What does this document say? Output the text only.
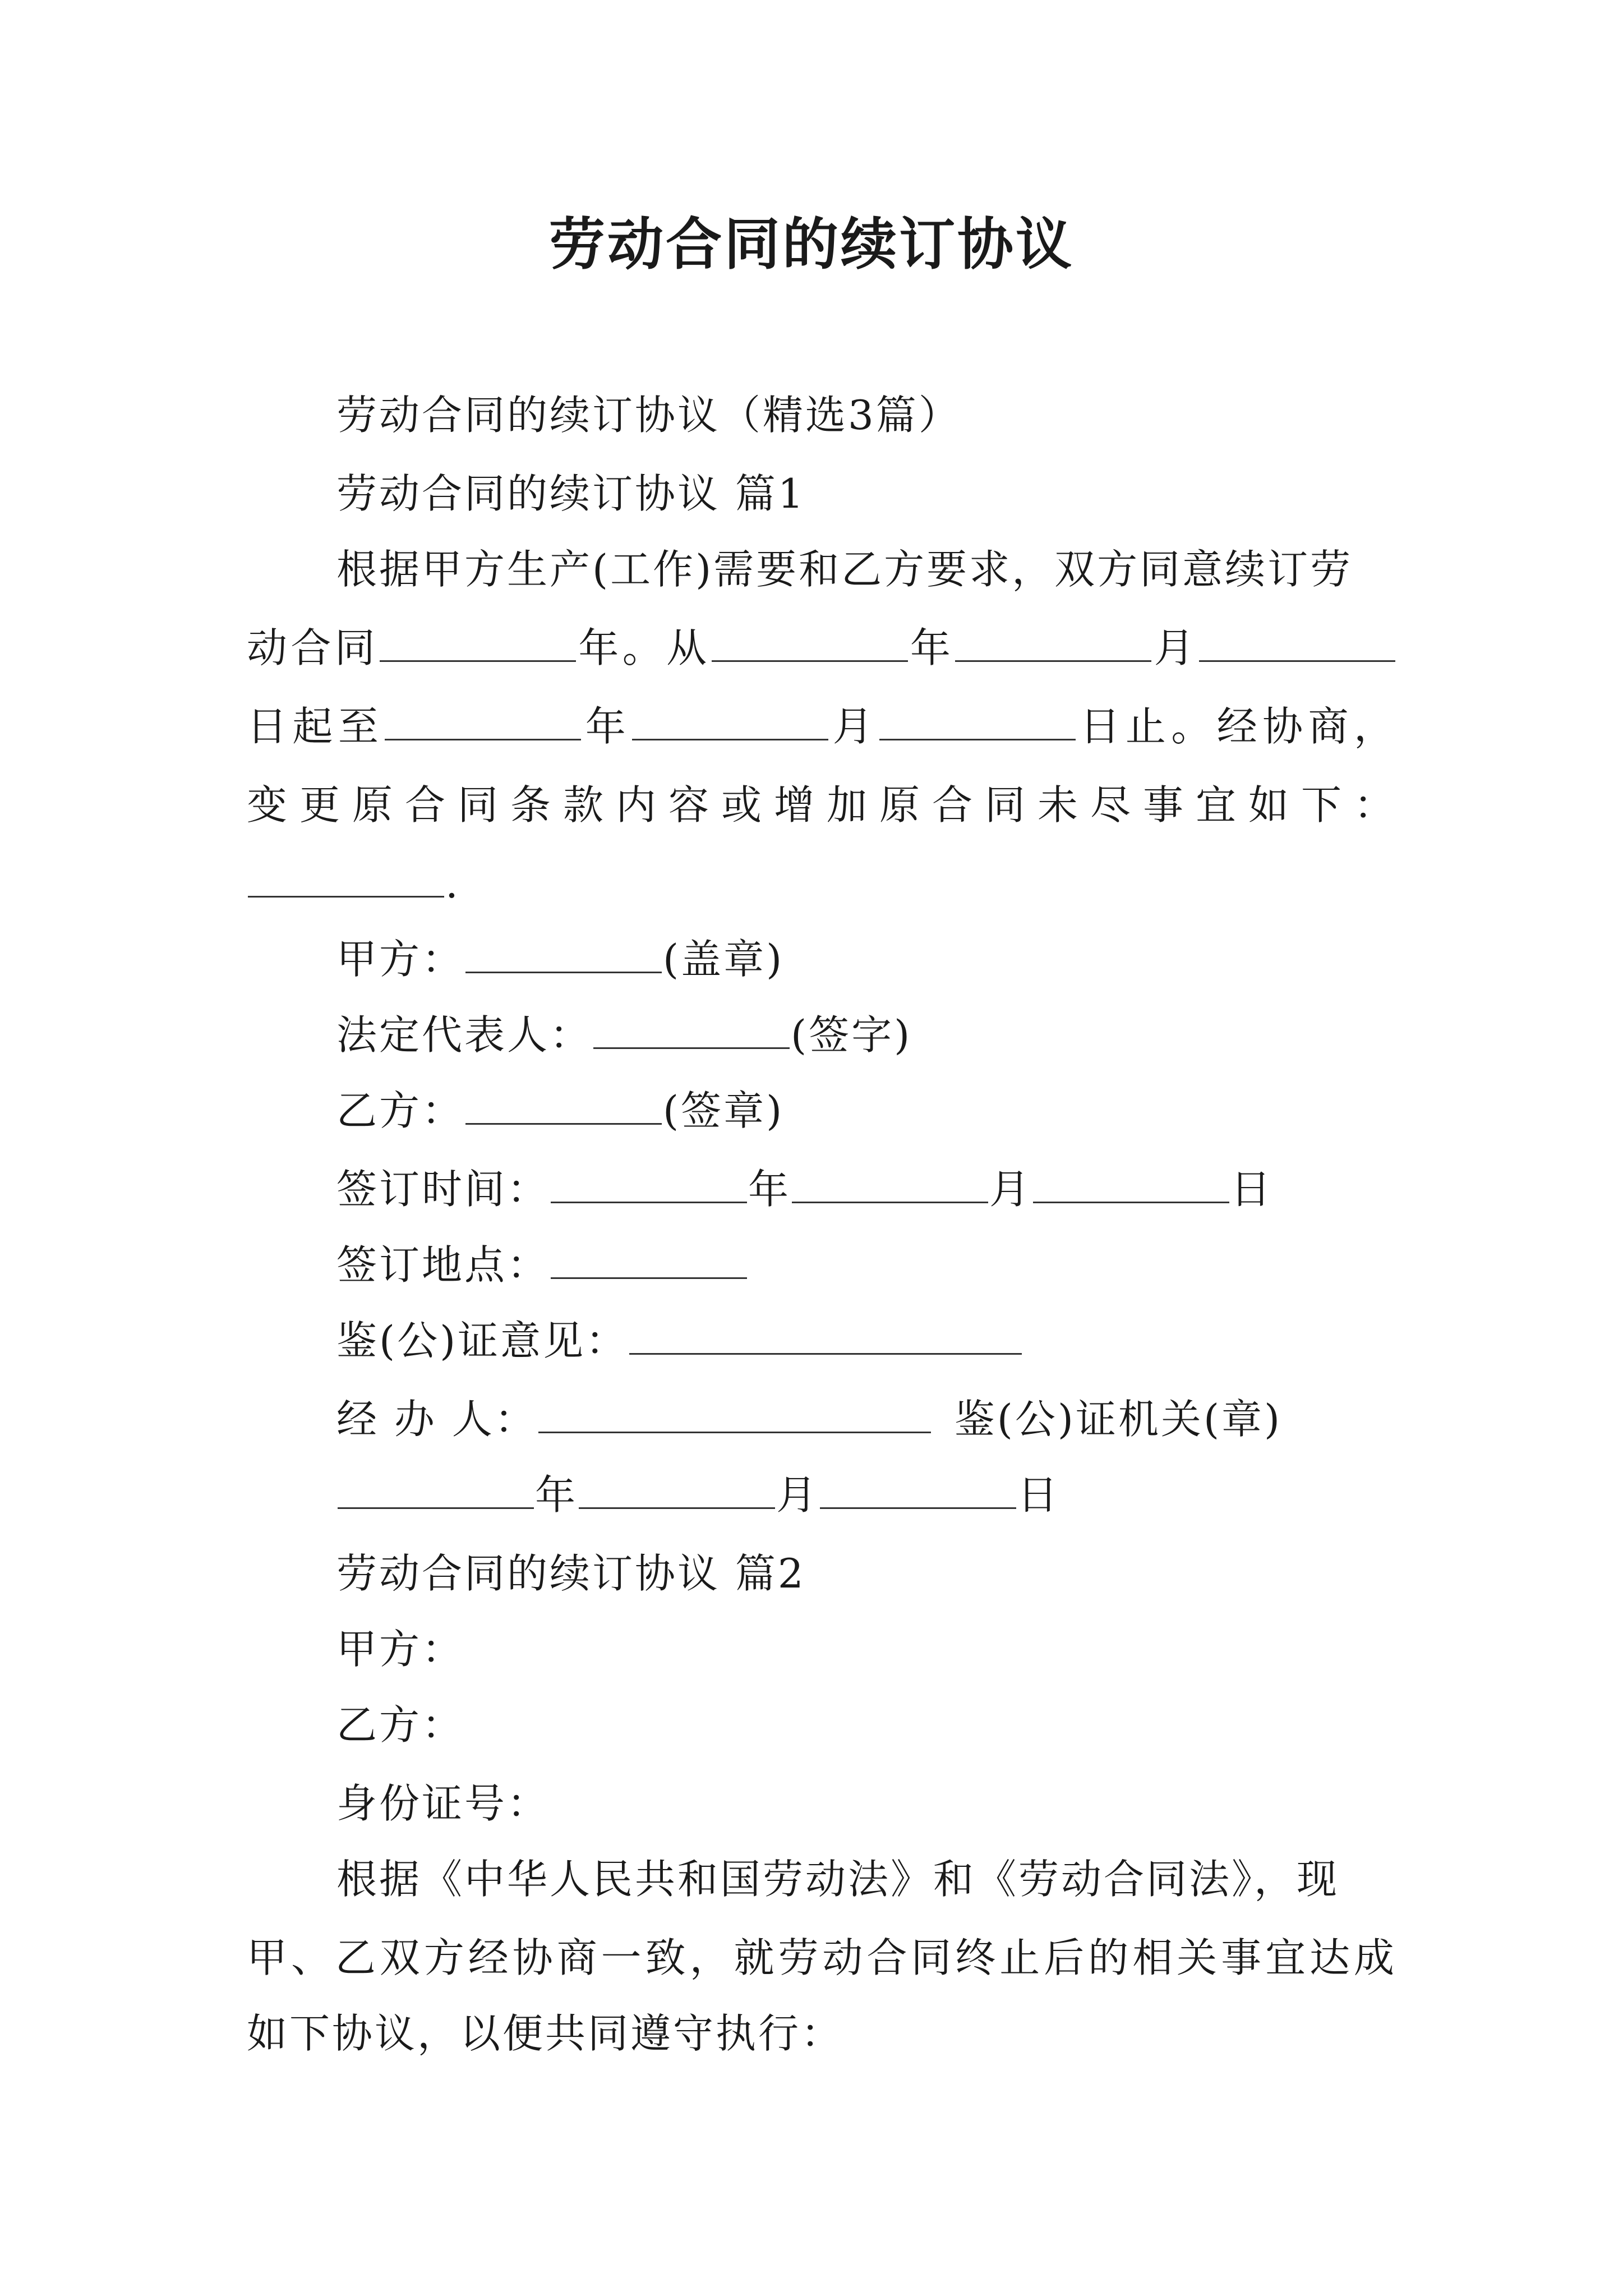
劳动合同的续订协议
劳动合同的续订协议（精选3篇）
劳动合同的续订协议 篇1
根据甲方生产(工作)需要和乙方要求，双方同意续订劳
动合同	年。从	年	月
日起至	年	月	日止。经协商，
变更原合同条款内容或增加原合同未尽事宜如下：
.
甲方：	(盖章)
法定代表人：	(签字)
乙方：	(签章)
签订时间：	年	月	日
签订地点：
鉴(公)证意见：
经 办 人：	鉴(公)证机关(章)
年	月	日
劳动合同的续订协议 篇2
甲方：
乙方：
身份证号：
根据《中华人民共和国劳动法》和《劳动合同法》，现
甲、乙双方经协商一致，就劳动合同终止后的相关事宜达成
如下协议，以便共同遵守执行：
